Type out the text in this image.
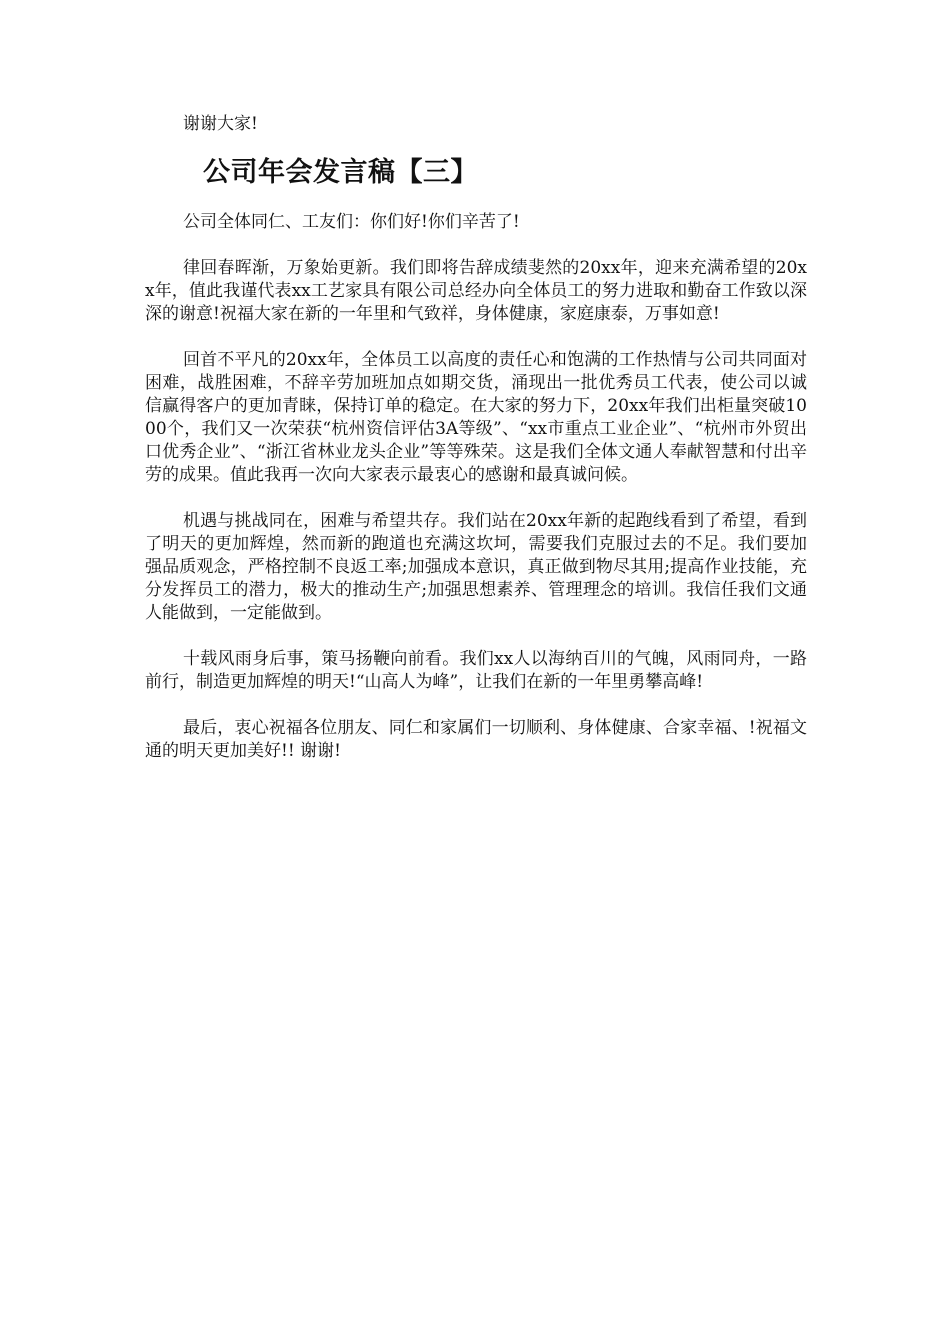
谢谢大家!

公司年会发言稿【三】

公司全体同仁、工友们：你们好!你们辛苦了!

律回春晖渐，万象始更新。我们即将告辞成绩斐然的20xx年，迎来充满希望的20xx年，值此我谨代表xx工艺家具有限公司总经办向全体员工的努力进取和勤奋工作致以深深的谢意!祝福大家在新的一年里和气致祥，身体健康，家庭康泰，万事如意!

回首不平凡的20xx年，全体员工以高度的责任心和饱满的工作热情与公司共同面对困难，战胜困难，不辞辛劳加班加点如期交货，涌现出一批优秀员工代表，使公司以诚信赢得客户的更加青睐，保持订单的稳定。在大家的努力下，20xx年我们出柜量突破1000个，我们又一次荣获“杭州资信评估3A等级”、“xx市重点工业企业”、“杭州市外贸出口优秀企业”、“浙江省林业龙头企业”等等殊荣。这是我们全体文通人奉献智慧和付出辛劳的成果。值此我再一次向大家表示最衷心的感谢和最真诚问候。

机遇与挑战同在，困难与希望共存。我们站在20xx年新的起跑线看到了希望，看到了明天的更加辉煌，然而新的跑道也充满这坎坷，需要我们克服过去的不足。我们要加强品质观念，严格控制不良返工率;加强成本意识，真正做到物尽其用;提高作业技能，充分发挥员工的潜力，极大的推动生产;加强思想素养、管理理念的培训。我信任我们文通人能做到，一定能做到。

十载风雨身后事，策马扬鞭向前看。我们xx人以海纳百川的气魄，风雨同舟，一路前行，制造更加辉煌的明天!“山高人为峰”，让我们在新的一年里勇攀高峰!

最后，衷心祝福各位朋友、同仁和家属们一切顺利、身体健康、合家幸福、!祝福文通的明天更加美好!! 谢谢!
